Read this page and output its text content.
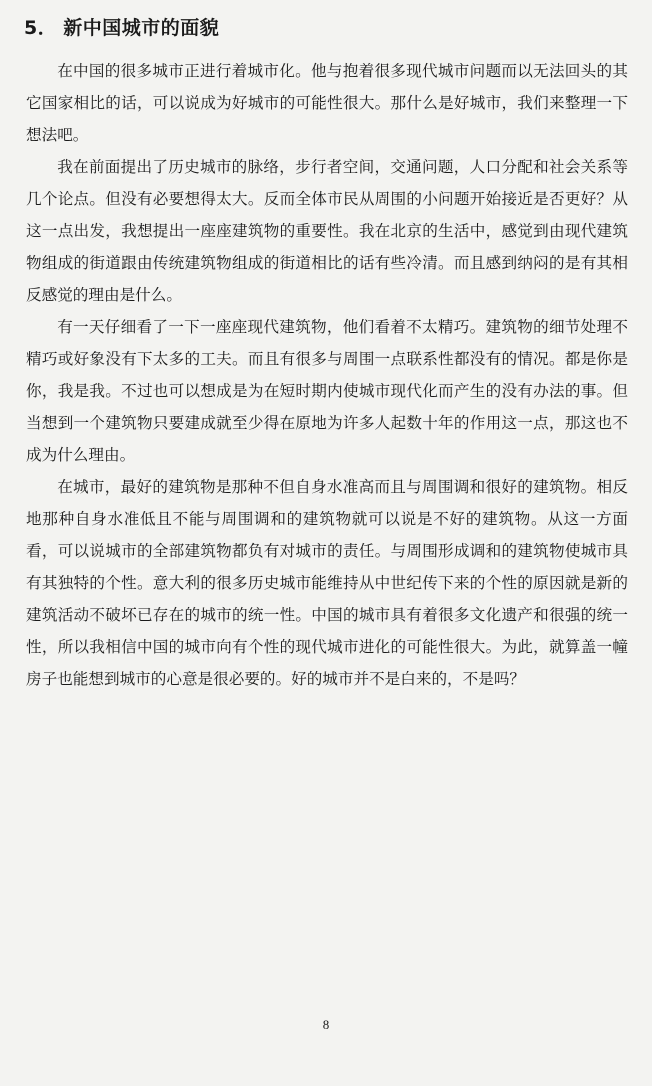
5． 新中国城市的面貌

在中国的很多城市正进行着城市化。他与抱着很多现代城市问题而以无法回头的其它国家相比的话，可以说成为好城市的可能性很大。那什么是好城市，我们来整理一下想法吧。

我在前面提出了历史城市的脉络，步行者空间，交通问题，人口分配和社会关系等几个论点。但没有必要想得太大。反而全体市民从周围的小问题开始接近是否更好？从这一点出发，我想提出一座座建筑物的重要性。我在北京的生活中，感觉到由现代建筑物组成的街道跟由传统建筑物组成的街道相比的话有些冷清。而且感到纳闷的是有其相反感觉的理由是什么。

有一天仔细看了一下一座座现代建筑物，他们看着不太精巧。建筑物的细节处理不精巧或好象没有下太多的工夫。而且有很多与周围一点联系性都没有的情况。都是你是你，我是我。不过也可以想成是为在短时期内使城市现代化而产生的没有办法的事。但当想到一个建筑物只要建成就至少得在原地为许多人起数十年的作用这一点，那这也不成为什么理由。

在城市，最好的建筑物是那种不但自身水准高而且与周围调和很好的建筑物。相反地那种自身水准低且不能与周围调和的建筑物就可以说是不好的建筑物。从这一方面看，可以说城市的全部建筑物都负有对城市的责任。与周围形成调和的建筑物使城市具有其独特的个性。意大利的很多历史城市能维持从中世纪传下来的个性的原因就是新的建筑活动不破坏已存在的城市的统一性。中国的城市具有着很多文化遗产和很强的统一性，所以我相信中国的城市向有个性的现代城市进化的可能性很大。为此，就算盖一幢房子也能想到城市的心意是很必要的。好的城市并不是白来的，不是吗？

8
